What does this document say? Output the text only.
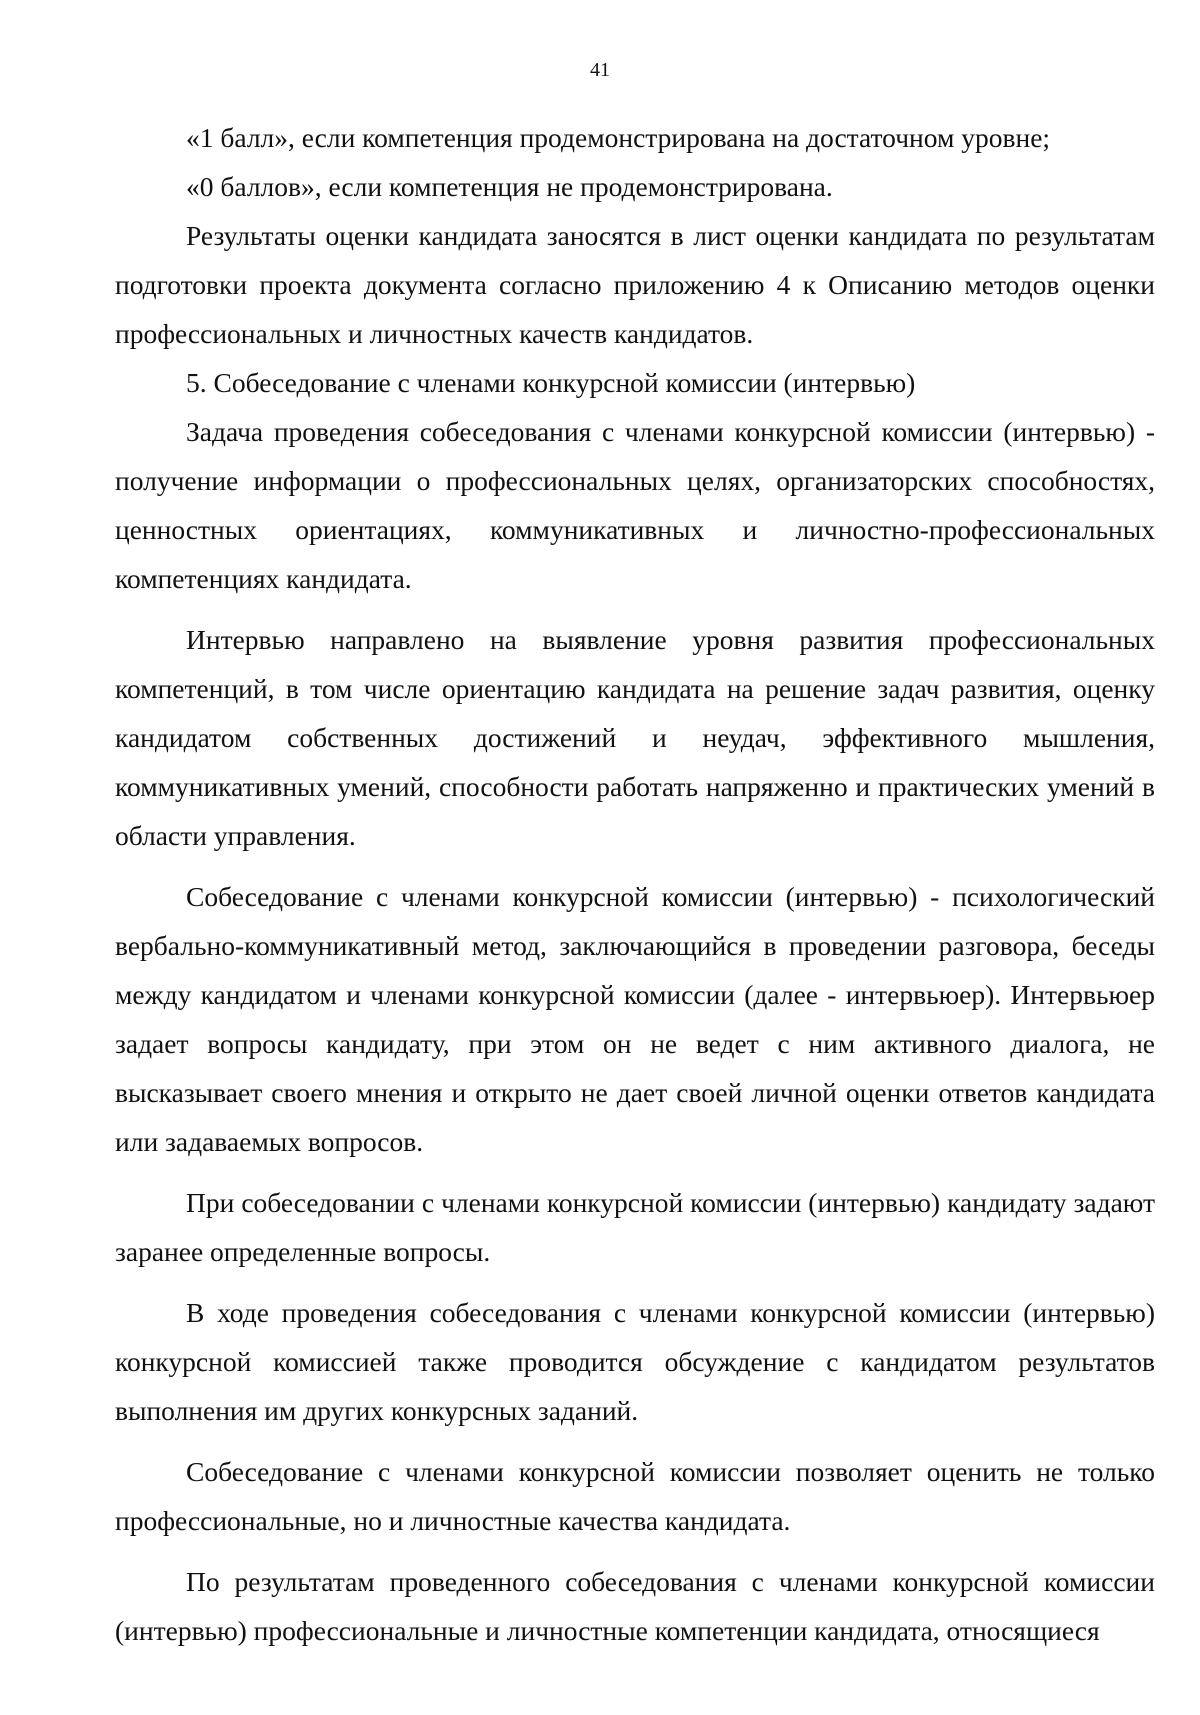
41

«1 балл», если компетенция продемонстрирована на достаточном уровне;

«0 баллов», если компетенция не продемонстрирована.

Результаты оценки кандидата заносятся в лист оценки кандидата по результатам подготовки проекта документа согласно приложению 4 к Описанию методов оценки профессиональных и личностных качеств кандидатов.

5. Собеседование с членами конкурсной комиссии (интервью)

Задача проведения собеседования с членами конкурсной комиссии (интервью) - получение информации о профессиональных целях, организаторских способностях, ценностных ориентациях, коммуникативных и личностно-профессиональных компетенциях кандидата.

Интервью направлено на выявление уровня развития профессиональных компетенций, в том числе ориентацию кандидата на решение задач развития, оценку кандидатом собственных достижений и неудач, эффективного мышления, коммуникативных умений, способности работать напряженно и практических умений в области управления.

Собеседование с членами конкурсной комиссии (интервью) - психологический вербально-коммуникативный метод, заключающийся в проведении разговора, беседы между кандидатом и членами конкурсной комиссии (далее - интервьюер). Интервьюер задает вопросы кандидату, при этом он не ведет с ним активного диалога, не высказывает своего мнения и открыто не дает своей личной оценки ответов кандидата или задаваемых вопросов.

При собеседовании с членами конкурсной комиссии (интервью) кандидату задают заранее определенные вопросы.

В ходе проведения собеседования с членами конкурсной комиссии (интервью) конкурсной комиссией также проводится обсуждение с кандидатом результатов выполнения им других конкурсных заданий.

Собеседование с членами конкурсной комиссии позволяет оценить не только профессиональные, но и личностные качества кандидата.

По результатам проведенного собеседования с членами конкурсной комиссии (интервью) профессиональные и личностные компетенции кандидата, относящиеся
